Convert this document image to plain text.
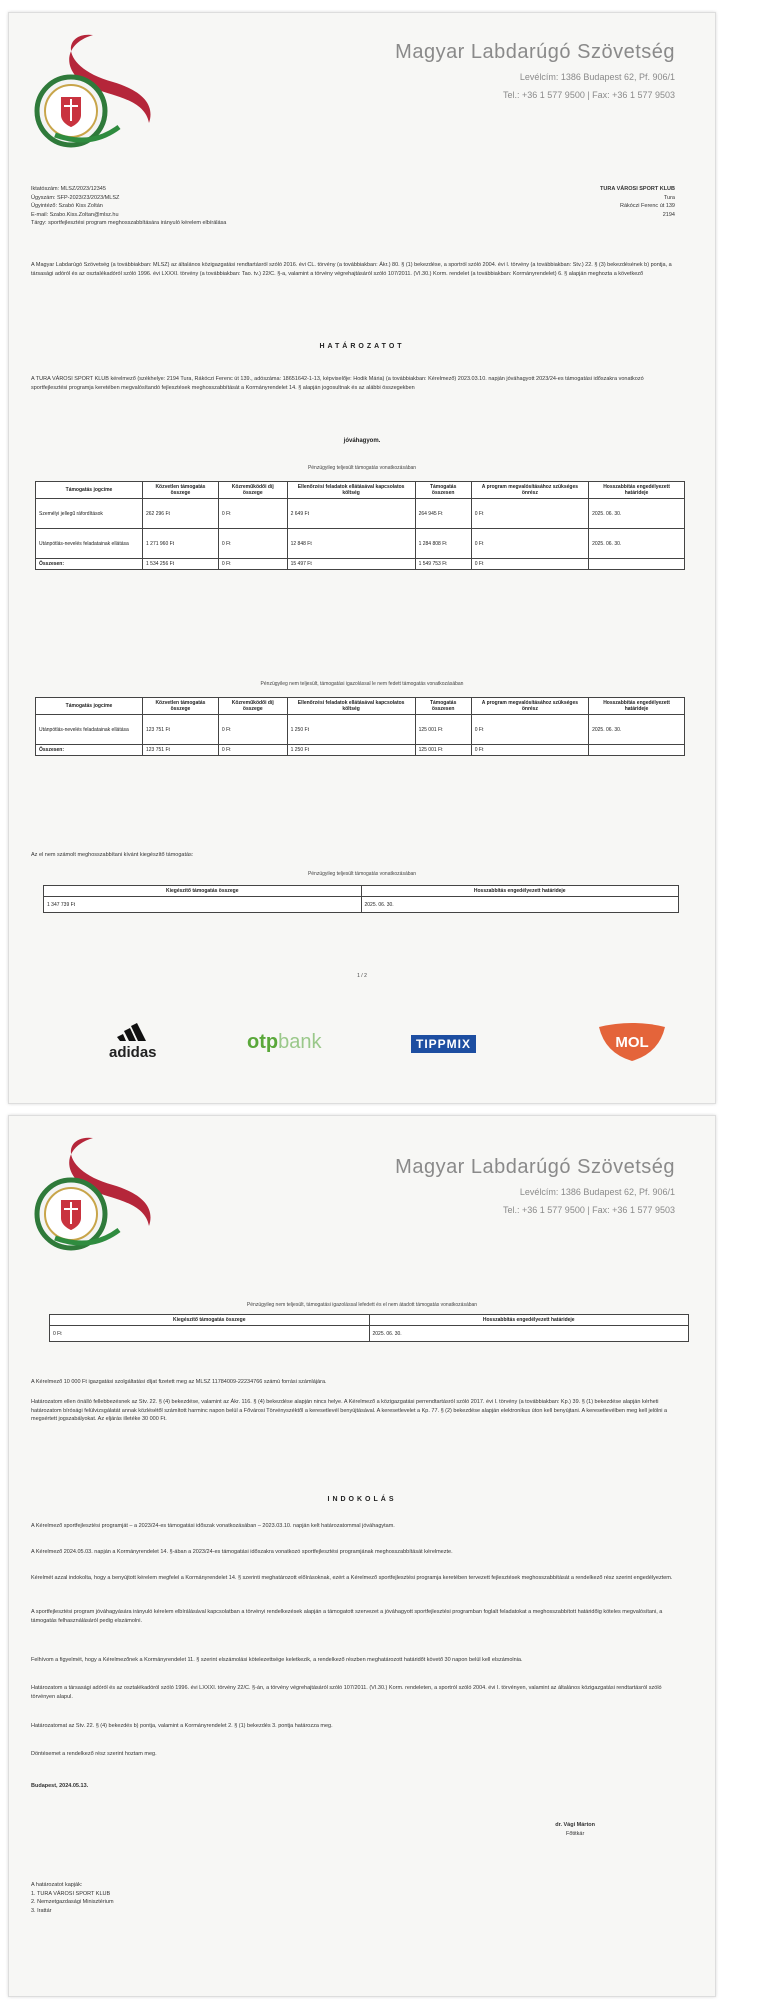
Magyar Labdarúgó Szövetség
Levélcím: 1386 Budapest 62, Pf. 906/1
Tel.: +36 1 577 9500 | Fax: +36 1 577 9503
Iktatószám: MLSZ/2023/12345
Ügyszám: SFP-2023/23/2023/MLSZ
Ügyintéző: Szabó Kiss Zoltán
E-mail: Szabo.Kiss.Zoltan@mlsz.hu
Tárgy: sportfejlesztési program meghosszabbítására irányuló kérelem elbírálása
TURA VÁROSI SPORT KLUB
Tura
Rákóczi Ferenc út 139
2194
A Magyar Labdarúgó Szövetség (a továbbiakban: MLSZ) az általános közigazgatási rendtartásról szóló 2016. évi CL. törvény (a továbbiakban: Ákr.) 80. § (1) bekezdése, a sportról szóló 2004. évi I. törvény (a továbbiakban: Stv.) 22. § (3) bekezdésének b) pontja, a társasági adóról és az osztalékadóról szóló 1996. évi LXXXI. törvény (a továbbiakban: Tao. tv.) 22/C. §-a, valamint a törvény végrehajtásáról szóló 107/2011. (VI.30.) Korm. rendelet (a továbbiakban: Kormányrendelet) 6. § alapján meghozta a következő
HATÁROZATOT
A TURA VÁROSI SPORT KLUB kérelmező (székhelye: 2194 Tura, Rákóczi Ferenc út 139., adószáma: 18651642-1-13, képviselője: Hodik Mária) (a továbbiakban: Kérelmező) 2023.03.10. napján jóváhagyott 2023/24-es támogatási időszakra vonatkozó sportfejlesztési programja keretében megvalósítandó fejlesztések meghosszabbítását a Kormányrendelet 14. § alapján jogosultnak és az alábbi összegekben
jóváhagyom.
Pénzügyileg teljesült támogatás vonatkozásában
Támogatás jogcíme	Közvetlen támogatás összege	Közreműködői díj összege	Ellenőrzési feladatok ellátásával kapcsolatos költség	Támogatás összesen	A program megvalósításához szükséges önrész	Hosszabbítás engedélyezett határideje
Személyi jellegű ráfordítások	262 296 Ft	0 Ft	2 649 Ft	264 945 Ft	0 Ft	2025. 06. 30.
Utánpótlás-nevelés feladatainak ellátása	1 271 960 Ft	0 Ft	12 848 Ft	1 284 808 Ft	0 Ft	2025. 06. 30.
Összesen:	1 534 256 Ft	0 Ft	15 497 Ft	1 549 753 Ft	0 Ft	
Pénzügyileg nem teljesült, támogatási igazolással le nem fedett támogatás vonatkozásában
Támogatás jogcíme	Közvetlen támogatás összege	Közreműködői díj összege	Ellenőrzési feladatok ellátásával kapcsolatos költség	Támogatás összesen	A program megvalósításához szükséges önrész	Hosszabbítás engedélyezett határideje
Utánpótlás-nevelés feladatainak ellátása	123 751 Ft	0 Ft	1 250 Ft	125 001 Ft	0 Ft	2025. 06. 30.
Összesen:	123 751 Ft	0 Ft	1 250 Ft	125 001 Ft	0 Ft	
Az el nem számolt meghosszabbítani kívánt kiegészítő támogatás:
Pénzügyileg teljesült támogatás vonatkozásában
Kiegészítő támogatás összege	Hosszabbítás engedélyezett határideje
1 347 739 Ft	2025. 06. 30.
1 / 2
adidas	otpbank	TIPPMIX	MOL
Magyar Labdarúgó Szövetség
Levélcím: 1386 Budapest 62, Pf. 906/1
Tel.: +36 1 577 9500 | Fax: +36 1 577 9503
Pénzügyileg nem teljesült, támogatási igazolással lefedett és el nem átadott támogatás vonatkozásában
Kiegészítő támogatás összege	Hosszabbítás engedélyezett határideje
0 Ft	2025. 06. 30.
A Kérelmező 10 000 Ft igazgatási szolgáltatási díjat fizetett meg az MLSZ 11784009-22234766 számú forrási számlájára.
Határozatom ellen önálló fellebbezésnek az Stv. 22. § (4) bekezdése, valamint az Ákr. 116. § (4) bekezdése alapján nincs helye. A Kérelmező a közigazgatási perrendtartásról szóló 2017. évi I. törvény (a továbbiakban: Kp.) 39. § (1) bekezdése alapján kérheti határozatom bírósági felülvizsgálatát annak közlésétől számított harminc napon belül a Fővárosi Törvényszéktől a keresetlevél benyújtásával. A keresetlevelet a Kp. 77. § (2) bekezdése alapján elektronikus úton kell benyújtani. A keresetlevélben meg kell jelölni a megsértett jogszabályokat. Az eljárás illetéke 30 000 Ft.
INDOKOLÁS
A Kérelmező sportfejlesztési programját – a 2023/24-es támogatási időszak vonatkozásában – 2023.03.10. napján kelt határozatommal jóváhagytam.
A Kérelmező 2024.05.03. napján a Kormányrendelet 14. §-ában a 2023/24-es támogatási időszakra vonatkozó sportfejlesztési programjának meghosszabbítását kérelmezte.
Kérelmét azzal indokolta, hogy a benyújtott kérelem megfelel a Kormányrendelet 14. § szerinti meghatározott előírásoknak, ezért a Kérelmező sportfejlesztési programja keretében tervezett fejlesztések meghosszabbítását a rendelkező rész szerint engedélyeztem.
A sportfejlesztési program jóváhagyására irányuló kérelem elbírálásával kapcsolatban a törvényi rendelkezések alapján a támogatott szervezet a jóváhagyott sportfejlesztési programban foglalt feladatokat a meghosszabbított határidőig köteles megvalósítani, a támogatás felhasználásáról pedig elszámolni.
Felhívom a figyelmét, hogy a Kérelmezőnek a Kormányrendelet 11. § szerint elszámolási kötelezettsége keletkezik, a rendelkező részben meghatározott határidőt követő 30 napon belül kell elszámolnia.
Határozatom a társasági adóról és az osztalékadóról szóló 1996. évi LXXXI. törvény 22/C. §-án, a törvény végrehajtásáról szóló 107/2011. (VI.30.) Korm. rendeleten, a sportról szóló 2004. évi I. törvényen, valamint az általános közigazgatási rendtartásról szóló törvényen alapul.
Határozatomat az Stv. 22. § (4) bekezdés b) pontja, valamint a Kormányrendelet 2. § (1) bekezdés 3. pontja határozza meg.
Döntésemet a rendelkező rész szerint hoztam meg.
Budapest, 2024.05.13.
dr. Vági Márton
Főtitkár
A határozatot kapják:
1. TURA VÁROSI SPORT KLUB
2. Nemzetgazdasági Minisztérium
3. Irattár
